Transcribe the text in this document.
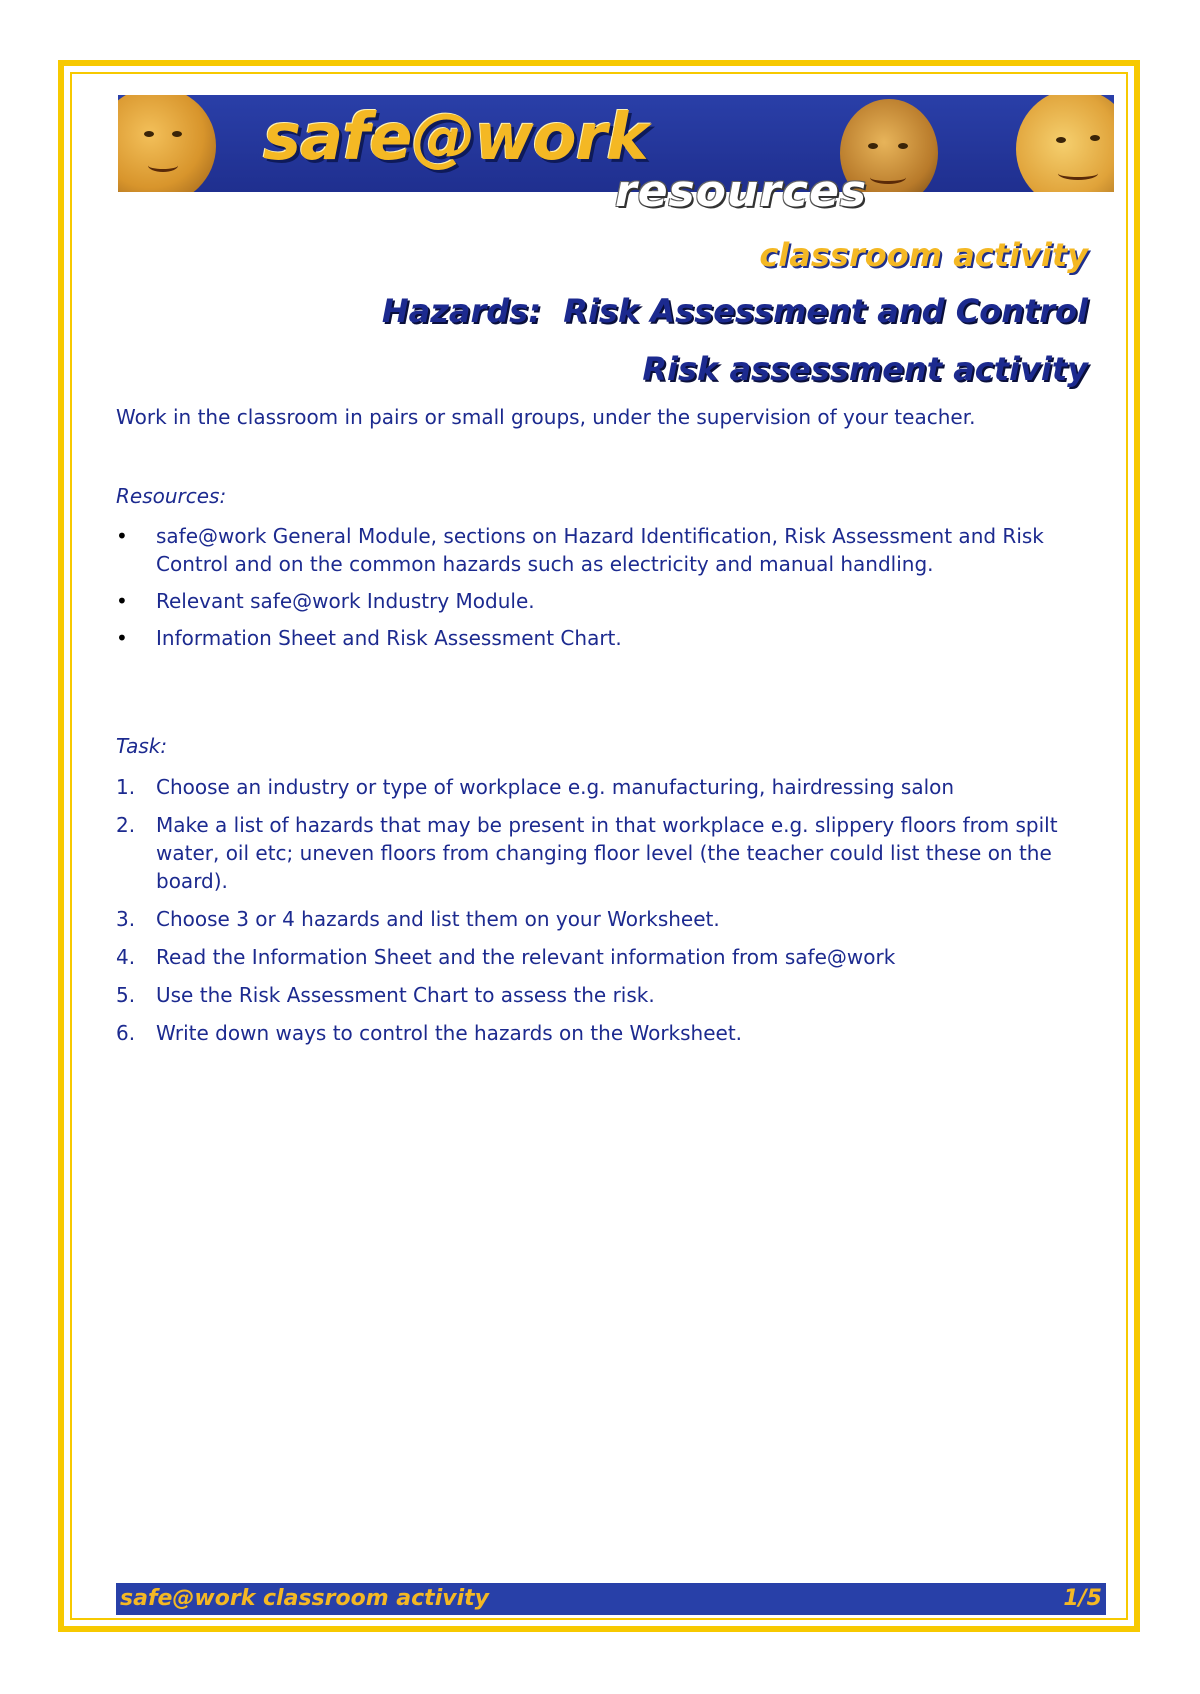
safe@work
resources
classroom activity
Hazards:  Risk Assessment and Control
Risk assessment activity
Work in the classroom in pairs or small groups, under the supervision of your teacher.
Resources:
• safe@work General Module, sections on Hazard Identification, Risk Assessment and Risk Control and on the common hazards such as electricity and manual handling.
• Relevant safe@work Industry Module.
• Information Sheet and Risk Assessment Chart.
Task:
1. Choose an industry or type of workplace e.g. manufacturing, hairdressing salon
2. Make a list of hazards that may be present in that workplace e.g. slippery floors from spilt water, oil etc; uneven floors from changing floor level (the teacher could list these on the board).
3. Choose 3 or 4 hazards and list them on your Worksheet.
4. Read the Information Sheet and the relevant information from safe@work
5. Use the Risk Assessment Chart to assess the risk.
6. Write down ways to control the hazards on the Worksheet.
safe@work classroom activity	1/5
